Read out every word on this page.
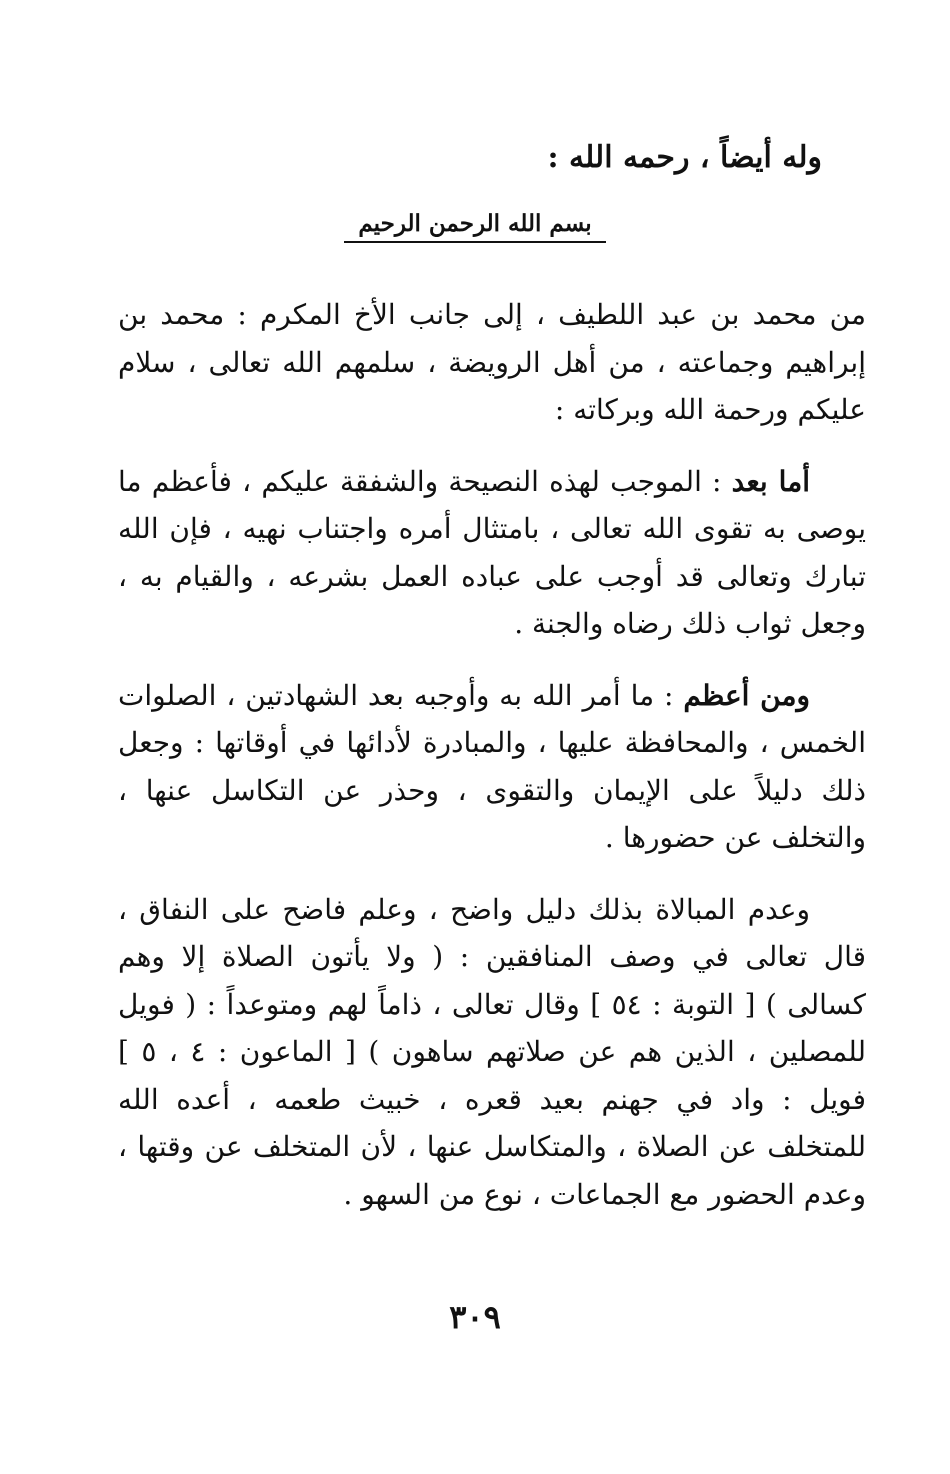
وله أيضاً ، رحمه الله :
بسم الله الرحمن الرحيم

من محمد بن عبد اللطيف ، إلى جانب الأخ المكرم : محمد بن إبراهيم وجماعته ، من أهل الرويضة ، سلمهم الله تعالى ، سلام عليكم ورحمة الله وبركاته :

أما بعد : الموجب لهذه النصيحة والشفقة عليكم ، فأعظم ما يوصى به تقوى الله تعالى ، بامتثال أمره واجتناب نهيه ، فإن الله تبارك وتعالى قد أوجب على عباده العمل بشرعه ، والقيام به ، وجعل ثواب ذلك رضاه والجنة .

ومن أعظم : ما أمر الله به وأوجبه بعد الشهادتين ، الصلوات الخمس ، والمحافظة عليها ، والمبادرة لأدائها في أوقاتها : وجعل ذلك دليلاً على الإيمان والتقوى ، وحذر عن التكاسل عنها ، والتخلف عن حضورها .

وعدم المبالاة بذلك دليل واضح ، وعلم فاضح على النفاق ، قال تعالى في وصف المنافقين : ( ولا يأتون الصلاة إلا وهم كسالى ) [ التوبة : ٥٤ ] وقال تعالى ، ذاماً لهم ومتوعداً : ( فويل للمصلين ، الذين هم عن صلاتهم ساهون ) [ الماعون : ٤ ، ٥ ] فويل : واد في جهنم بعيد قعره ، خبيث طعمه ، أعده الله للمتخلف عن الصلاة ، والمتكاسل عنها ، لأن المتخلف عن وقتها ، وعدم الحضور مع الجماعات ، نوع من السهو .

٣٠٩
